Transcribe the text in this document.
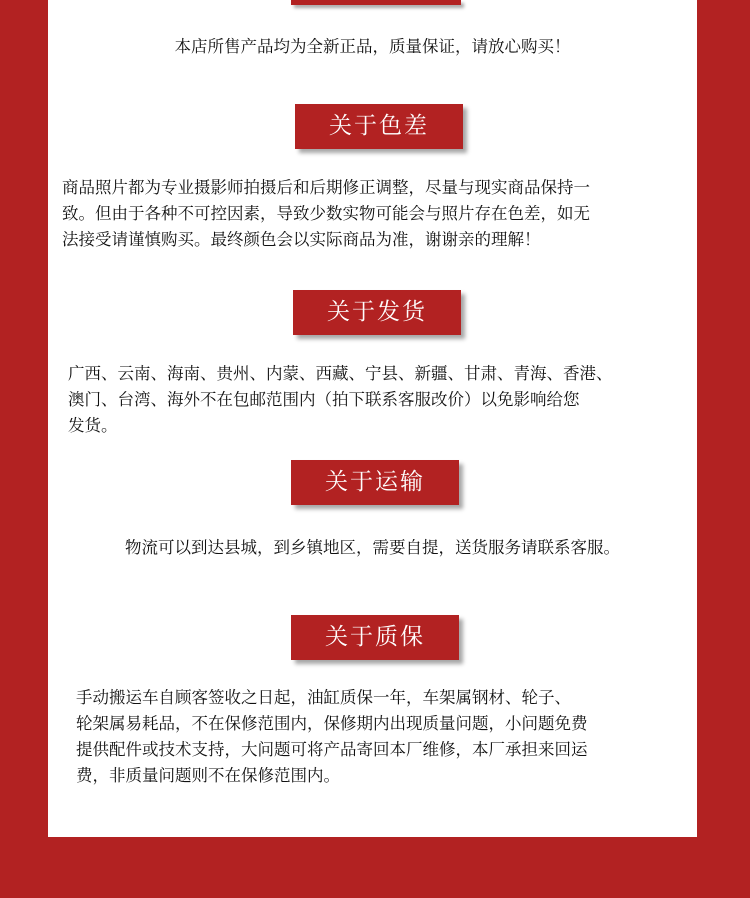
本店所售产品均为全新正品，质量保证，请放心购买！

关于色差

商品照片都为专业摄影师拍摄后和后期修正调整，尽量与现实商品保持一
致。但由于各种不可控因素，导致少数实物可能会与照片存在色差，如无
法接受请谨慎购买。最终颜色会以实际商品为准，谢谢亲的理解！

关于发货

广西、云南、海南、贵州、内蒙、西藏、宁县、新疆、甘肃、青海、香港、
澳门、台湾、海外不在包邮范围内（拍下联系客服改价）以免影响给您
发货。

关于运输

物流可以到达县城，到乡镇地区，需要自提，送货服务请联系客服。

关于质保

手动搬运车自顾客签收之日起，油缸质保一年，车架属钢材、轮子、
轮架属易耗品，不在保修范围内，保修期内出现质量问题，小问题免费
提供配件或技术支持，大问题可将产品寄回本厂维修，本厂承担来回运
费，非质量问题则不在保修范围内。
